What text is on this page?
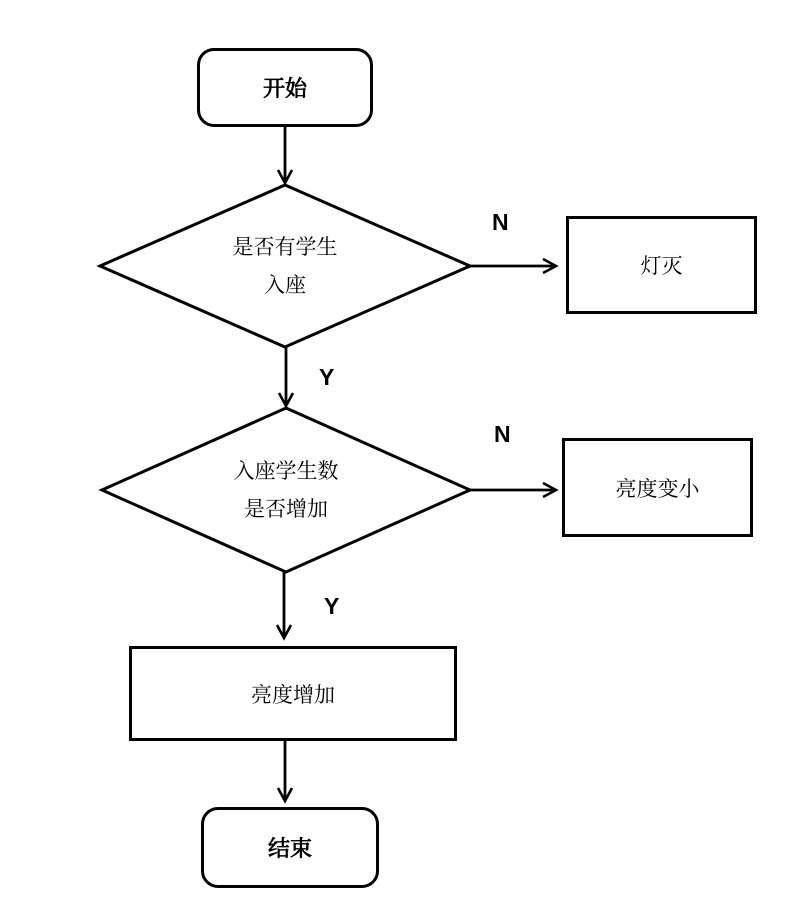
开始
是否有学生
入座
灯灭
入座学生数
是否增加
亮度变小
亮度增加
结束
N
Y
N
Y
